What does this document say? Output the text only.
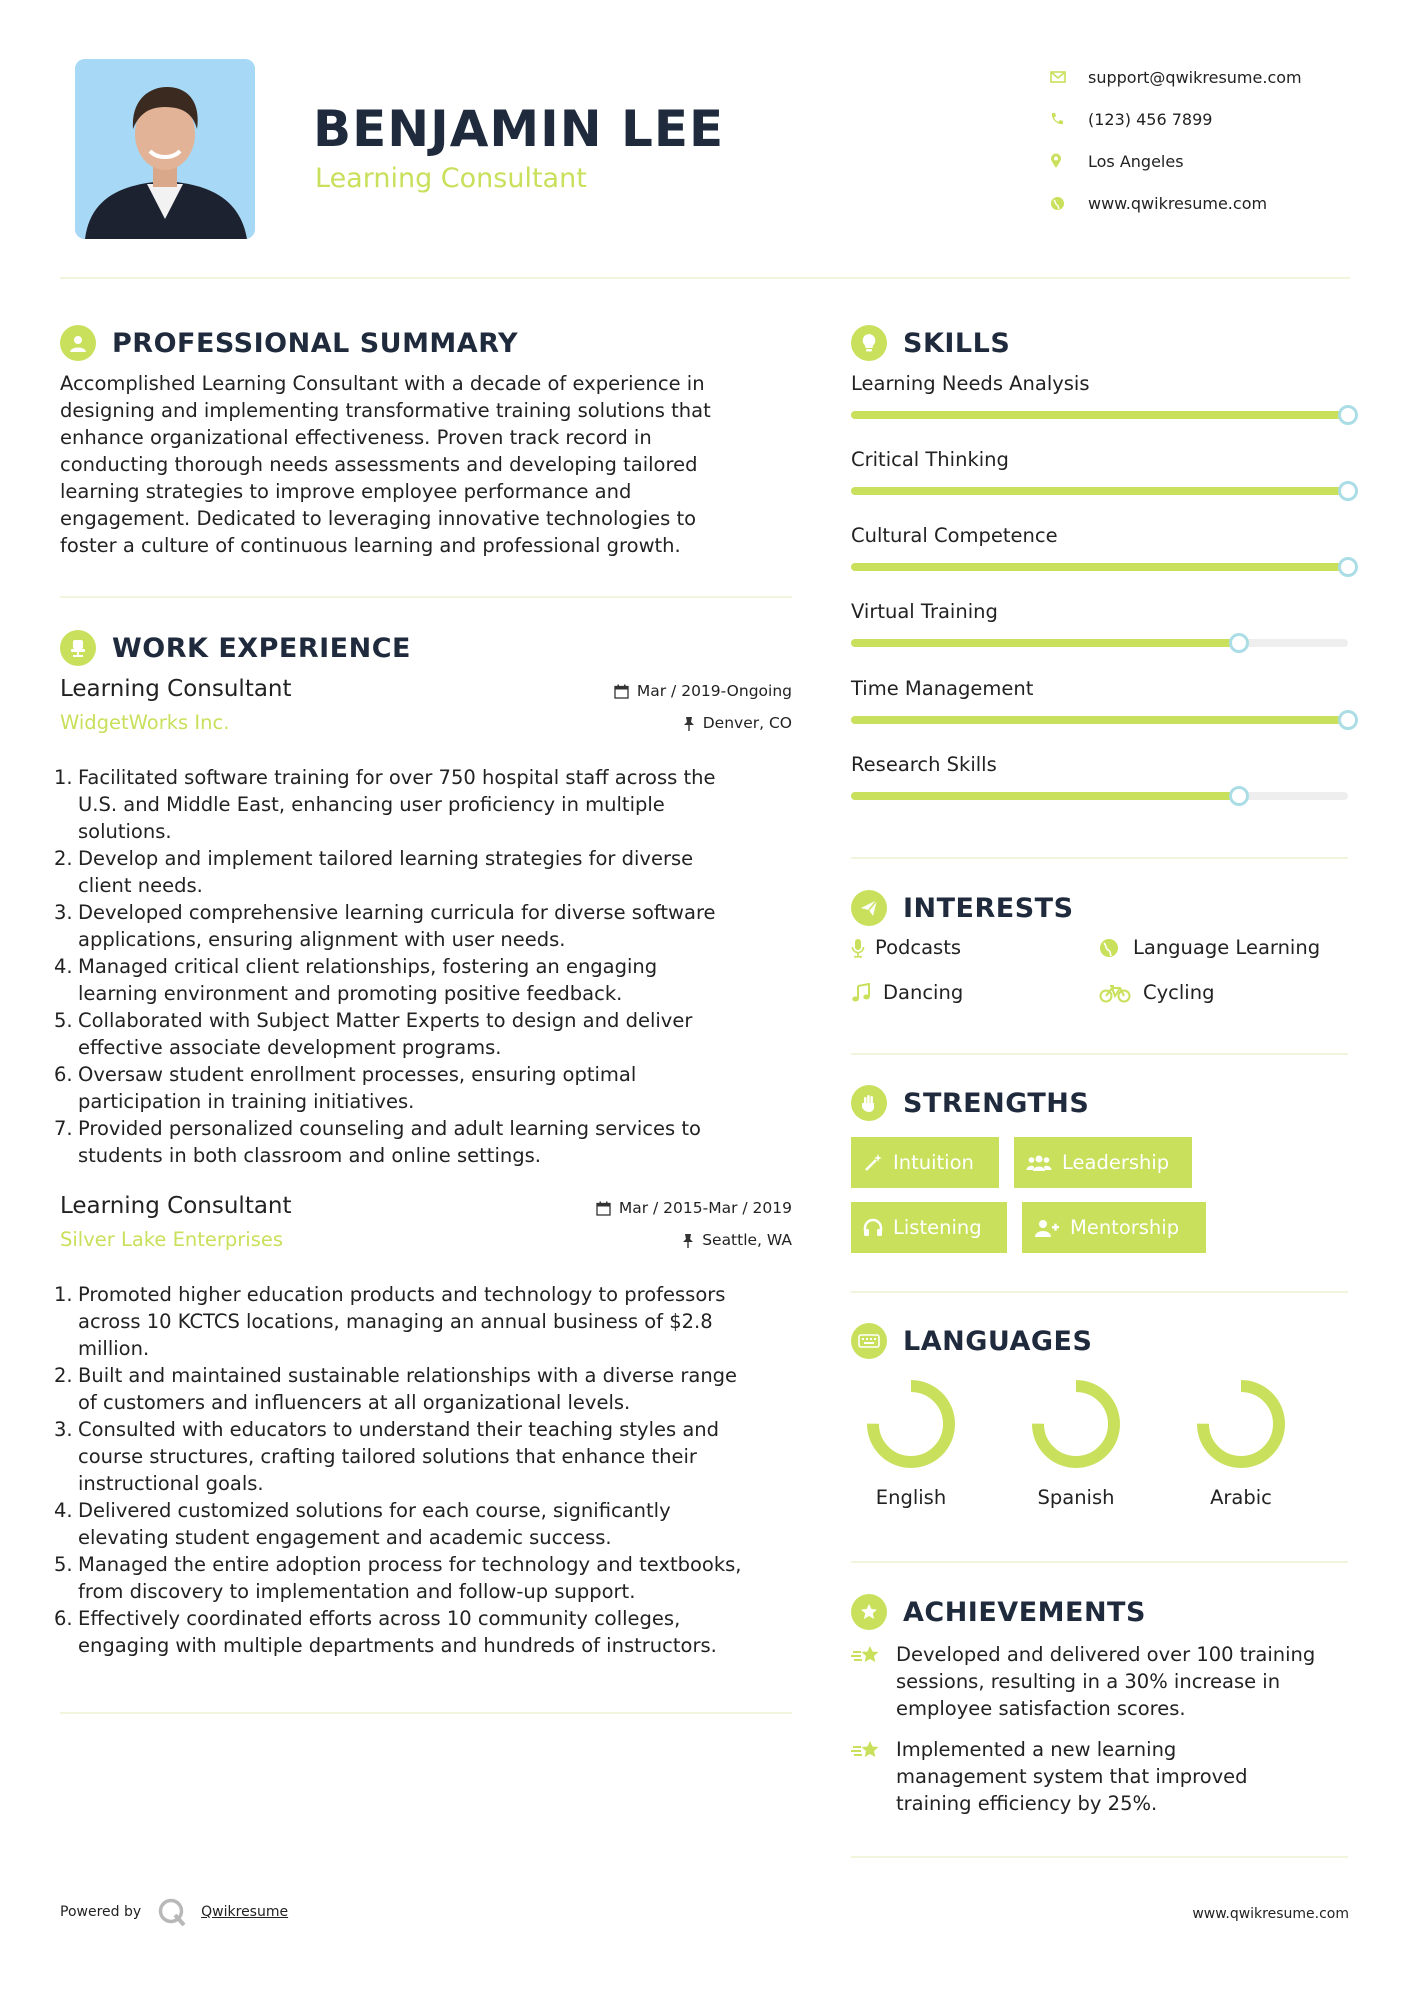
BENJAMIN LEE
Learning Consultant
support@qwikresume.com
(123) 456 7899
Los Angeles
www.qwikresume.com
PROFESSIONAL SUMMARY
Accomplished Learning Consultant with a decade of experience in
designing and implementing transformative training solutions that
enhance organizational effectiveness. Proven track record in
conducting thorough needs assessments and developing tailored
learning strategies to improve employee performance and
engagement. Dedicated to leveraging innovative technologies to
foster a culture of continuous learning and professional growth.
WORK EXPERIENCE
Learning Consultant
WidgetWorks Inc.
Mar / 2019-Ongoing
Denver, CO
Facilitated software training for over 750 hospital staff across the
U.S. and Middle East, enhancing user proficiency in multiple
solutions.
Develop and implement tailored learning strategies for diverse
client needs.
Developed comprehensive learning curricula for diverse software
applications, ensuring alignment with user needs.
Managed critical client relationships, fostering an engaging
learning environment and promoting positive feedback.
Collaborated with Subject Matter Experts to design and deliver
effective associate development programs.
Oversaw student enrollment processes, ensuring optimal
participation in training initiatives.
Provided personalized counseling and adult learning services to
students in both classroom and online settings.
Learning Consultant
Silver Lake Enterprises
Mar / 2015-Mar / 2019
Seattle, WA
Promoted higher education products and technology to professors
across 10 KCTCS locations, managing an annual business of $2.8
million.
Built and maintained sustainable relationships with a diverse range
of customers and influencers at all organizational levels.
Consulted with educators to understand their teaching styles and
course structures, crafting tailored solutions that enhance their
instructional goals.
Delivered customized solutions for each course, significantly
elevating student engagement and academic success.
Managed the entire adoption process for technology and textbooks,
from discovery to implementation and follow-up support.
Effectively coordinated efforts across 10 community colleges,
engaging with multiple departments and hundreds of instructors.
SKILLS
Learning Needs Analysis
Critical Thinking
Cultural Competence
Virtual Training
Time Management
Research Skills
INTERESTS
Podcasts	Language Learning
Dancing	Cycling
STRENGTHS
Intuition	Leadership
Listening	Mentorship
LANGUAGES
English	Spanish	Arabic
ACHIEVEMENTS
Developed and delivered over 100 training
sessions, resulting in a 30% increase in
employee satisfaction scores.
Implemented a new learning
management system that improved
training efficiency by 25%.
Powered by	Qwikresume	www.qwikresume.com
